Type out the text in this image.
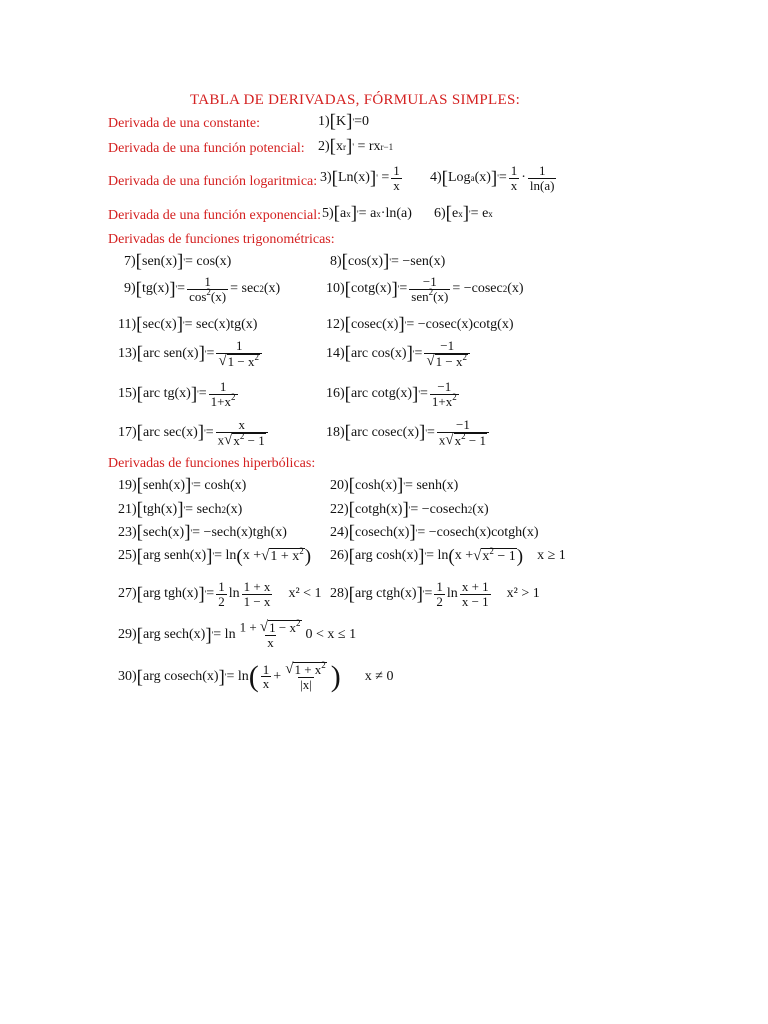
TABLA DE DERIVADAS, FÓRMULAS SIMPLES:
Derivada de una constante:	1) [ K ] ' =0
Derivada de una función potencial: 2) [ x r ] ' = rx r−1
Derivada de una función logaritmica: 3) [ Ln(x) ] ' = $\frac{1}{x} 4$) [ Log a (x) ] ' = $\frac{1}{x} \cdot \frac{1}{\ln(a)}$
Derivada de una función exponencial: 5) [ a x ] ' = a x ·ln(a) 6) [ e x ] ' = e x
Derivadas de funciones trigonométricas:
7) [ sen(x) ] ' = cos(x)	8) [ cos(x) ] ' = −sen(x)
9) [ tg(x) ] ' = $\frac{1}{\cos^2(x)} = \sec 2$ (x)	10) [ cotg(x) ] ' = $\frac{-1}{sen^2(x)} = -cosec$ 2 (x)
11) [ sec(x) ] ' = sec(x)tg(x)	12) [ cosec(x) ] ' = −cosec(x)cotg(x)
13) [ arc sen(x) ] ' = $\frac{1}{√ 1 - x^2}$	14) [ arc cos(x) ] ' = $\frac{-1}{√ 1 - x^2}$
15) [ arc tg(x) ] ' = $\frac{1}{1+x^2}$	16) [ arc cotg(x) ] ' = $\frac{-1}{1+x^2}$
17) [ arc sec(x) ] ' = $\frac{x}{x √ x^2 - 1}$	18) [ arc cosec(x) ] ' = $\frac{-1}{x √ x^2 - 1}$
Derivadas de funciones hiperbólicas:
19) [ senh(x) ] ' = cosh(x)	20) [ cosh(x) ] ' = senh(x)
21) [ tgh(x) ] ' = sech 2 (x)	22) [ cotgh(x) ] ' = −cosech 2 (x)
23) [ sech(x) ] ' = −sech(x)tgh(x)	24) [ cosech(x) ] ' = −cosech(x)cotgh(x)
25) [ arg senh(x) ] ' = ln ( x + √ $1 + x^2$ ) 26) [ arg cosh(x) ] ' = ln ( x + √ $x^2 - 1$ ) x ≥ 1
27) [ arg tgh(x) ] ' = $\frac{1}{2}$ $\ln \frac{1 + x}{1 - x} x^2 < 1$ 28) [ arg ctgh(x) ] ' = $\frac{1}{2}$ $\ln \frac{x + 1}{x - 1} x^2 > 1$
29) [ arg sech(x) ] ' = $\ln \frac{1 + √ 1 - x^2}{x} 0 < x \le 1$
30) [ arg cosech(x) ] ' = ln ( $\frac{1}{x} + \frac{√ 1 + x^2}{|x|}$ ) x ≠ 0
